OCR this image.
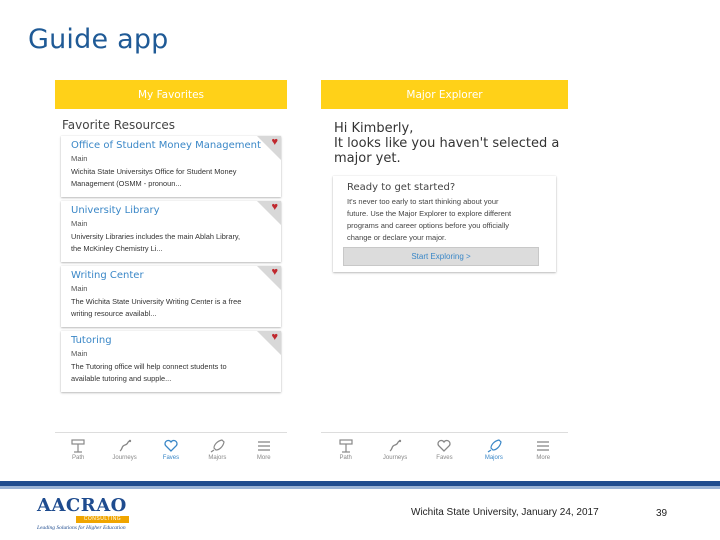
Guide app
My Favorites
Favorite Resources
Office of Student Money Management
Main
Wichita State Universitys Office for Student Money
Management (OSMM - pronoun...
♥
University Library
Main
University Libraries includes the main Ablah Library,
the McKinley Chemistry Li...
♥
Writing Center
Main
The Wichita State University Writing Center is a free
writing resource availabl...
♥
Tutoring
Main
The Tutoring office will help connect students to
available tutoring and supple...
♥
Path	Journeys	Faves	Majors	More
Major Explorer
Hi Kimberly,
It looks like you haven't selected a
major yet.
Ready to get started?
It's never too early to start thinking about your
future. Use the Major Explorer to explore different
programs and career options before you officially
change or declare your major.
Start Exploring >
Path	Journeys	Faves	Majors	More
AACRAO
CONSULTING
Leading Solutions for Higher Education
Wichita State University, January 24, 2017	39
